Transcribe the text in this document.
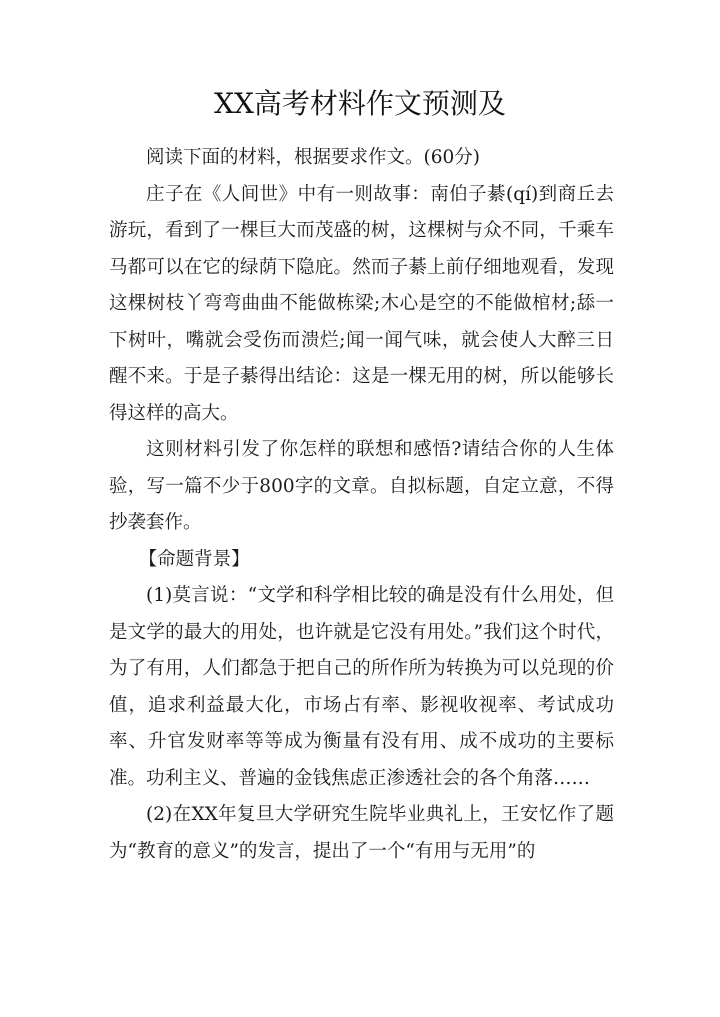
XX高考材料作文预测及

阅读下面的材料，根据要求作文。(60分)

庄子在《人间世》中有一则故事：南伯子綦(qí)到商丘去游玩，看到了一棵巨大而茂盛的树，这棵树与众不同，千乘车马都可以在它的绿荫下隐庇。然而子綦上前仔细地观看，发现这棵树枝丫弯弯曲曲不能做栋梁;木心是空的不能做棺材;舔一下树叶，嘴就会受伤而溃烂;闻一闻气味，就会使人大醉三日醒不来。于是子綦得出结论：这是一棵无用的树，所以能够长得这样的高大。

这则材料引发了你怎样的联想和感悟?请结合你的人生体验，写一篇不少于800字的文章。自拟标题，自定立意，不得抄袭套作。

【命题背景】

(1)莫言说：“文学和科学相比较的确是没有什么用处，但是文学的最大的用处，也许就是它没有用处。”我们这个时代，为了有用，人们都急于把自己的所作所为转换为可以兑现的价值，追求利益最大化，市场占有率、影视收视率、考试成功率、升官发财率等等成为衡量有没有用、成不成功的主要标准。功利主义、普遍的金钱焦虑正渗透社会的各个角落……

(2)在XX年复旦大学研究生院毕业典礼上，王安忆作了题为“教育的意义”的发言，提出了一个“有用与无用”的
